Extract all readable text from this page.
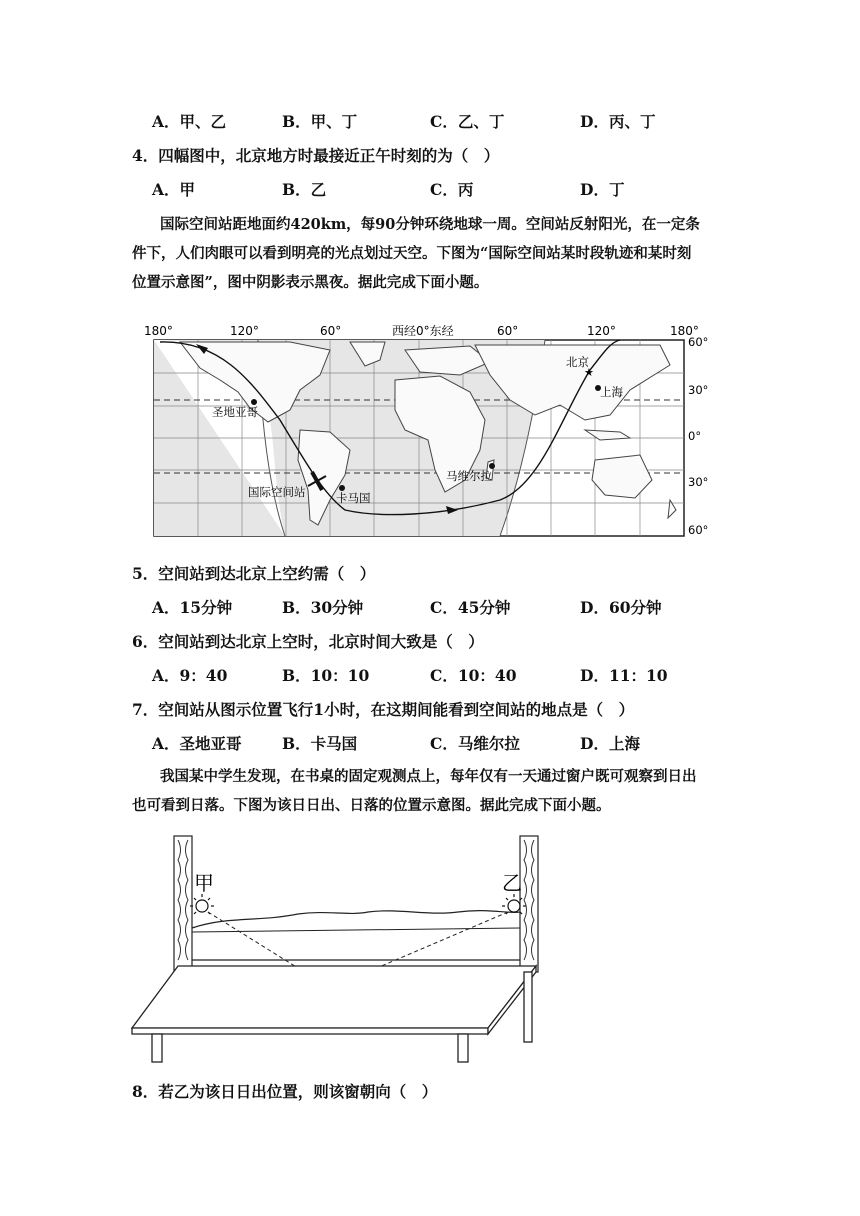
A．甲、乙	B．甲、丁	C．乙、丁	D．丙、丁
4．四幅图中，北京地方时最接近正午时刻的为（　）
A．甲	B．乙	C．丙	D．丁
国际空间站距地面约420km，每90分钟环绕地球一周。空间站反射阳光，在一定条
件下，人们肉眼可以看到明亮的光点划过天空。下图为“国际空间站某时段轨迹和某时刻
位置示意图”，图中阴影表示黑夜。据此完成下面小题。
180°	120°	60°	西经0°东经	60°	120°	180°
圣地亚哥
卡马国
国际空间站
马维尔拉
★
北京
上海
60°
30°
0°
30°
60°
5．空间站到达北京上空约需（　）
A．15分钟	B．30分钟	C．45分钟	D．60分钟
6．空间站到达北京上空时，北京时间大致是（　）
A．9：40	B．10：10	C．10：40	D．11：10
7．空间站从图示位置飞行1小时，在这期间能看到空间站的地点是（　）
A．圣地亚哥	B．卡马国	C．马维尔拉	D．上海
我国某中学生发现，在书桌的固定观测点上，每年仅有一天通过窗户既可观察到日出
也可看到日落。下图为该日日出、日落的位置示意图。据此完成下面小题。
甲	乙
8．若乙为该日日出位置，则该窗朝向（　）
